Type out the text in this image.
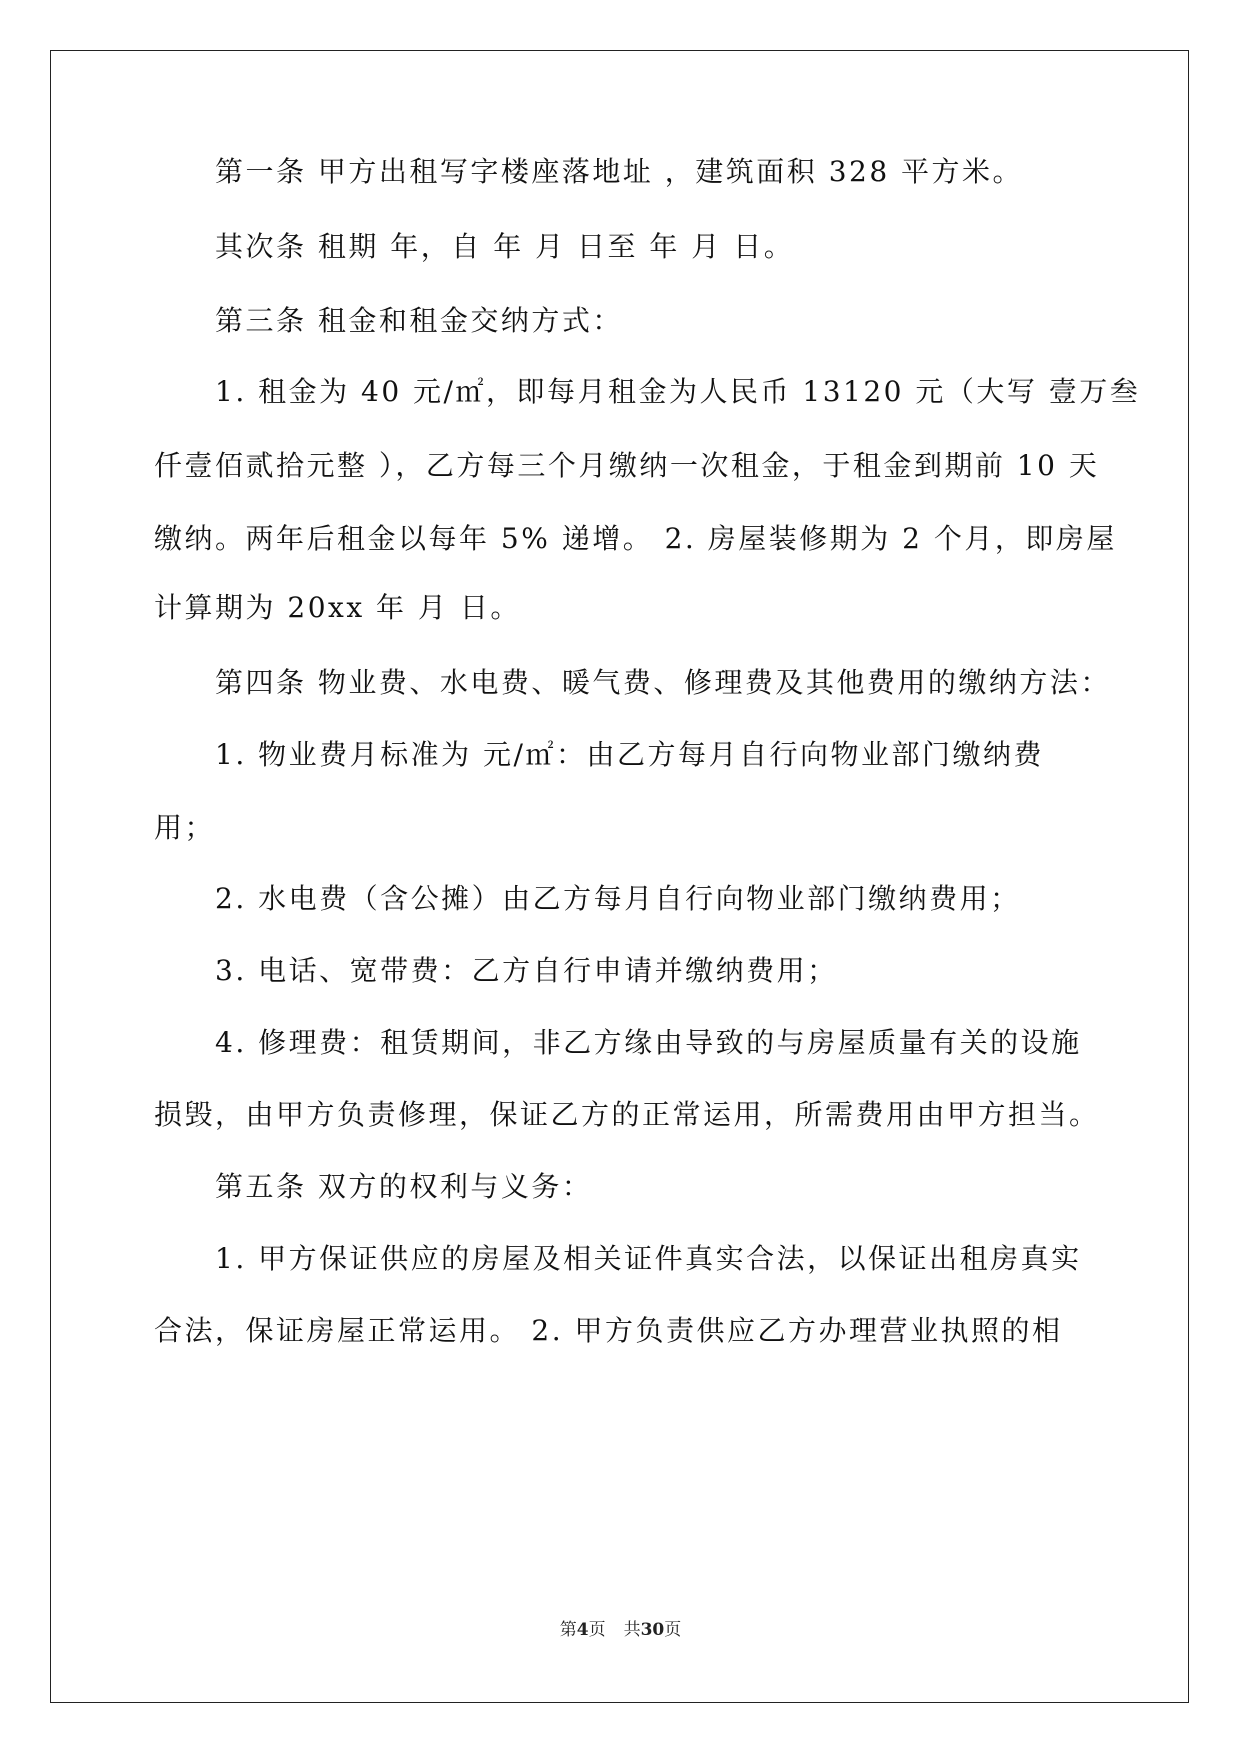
第一条 甲方出租写字楼座落地址 ，建筑面积 328 平方米。
其次条 租期 年，自 年 月 日至 年 月 日。
第三条 租金和租金交纳方式：
1. 租金为 40 元/㎡，即每月租金为人民币 13120 元（大写 壹万叁
仟壹佰贰拾元整 ），乙方每三个月缴纳一次租金，于租金到期前 10 天
缴纳。两年后租金以每年 5% 递增。 2. 房屋装修期为 2 个月，即房屋
计算期为 20xx 年 月 日。
第四条 物业费、水电费、暖气费、修理费及其他费用的缴纳方法：
1. 物业费月标准为 元/㎡：由乙方每月自行向物业部门缴纳费
用；
2. 水电费（含公摊）由乙方每月自行向物业部门缴纳费用；
3. 电话、宽带费：乙方自行申请并缴纳费用；
4. 修理费：租赁期间，非乙方缘由导致的与房屋质量有关的设施
损毁，由甲方负责修理，保证乙方的正常运用，所需费用由甲方担当。
第五条 双方的权利与义务：
1. 甲方保证供应的房屋及相关证件真实合法，以保证出租房真实
合法，保证房屋正常运用。 2. 甲方负责供应乙方办理营业执照的相
第4页 共30页
